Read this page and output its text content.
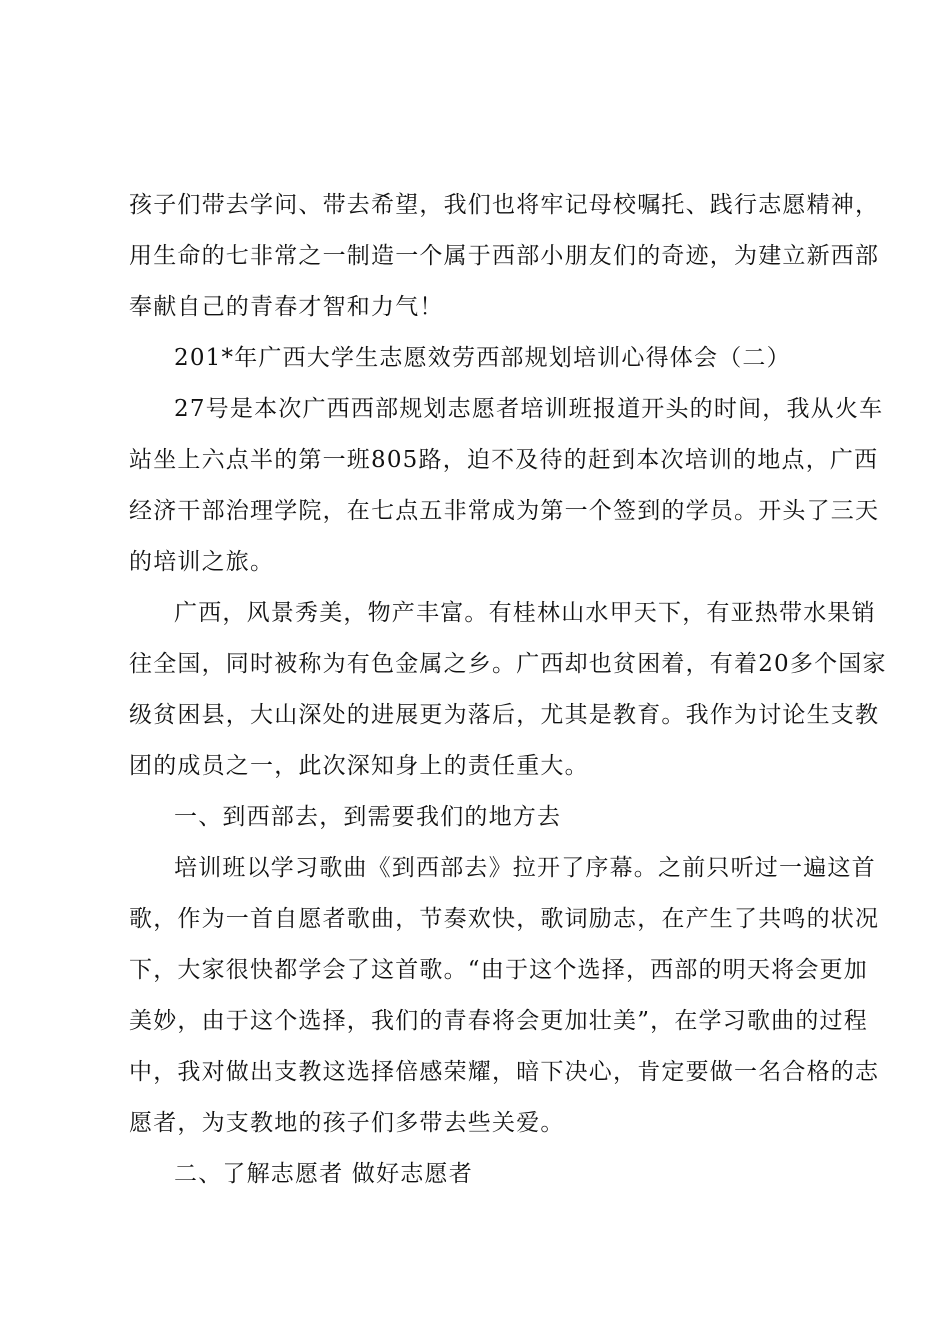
孩子们带去学问、带去希望，我们也将牢记母校嘱托、践行志愿精神，
用生命的七非常之一制造一个属于西部小朋友们的奇迹，为建立新西部
奉献自己的青春才智和力气！
201*年广西大学生志愿效劳西部规划培训心得体会（二）
27号是本次广西西部规划志愿者培训班报道开头的时间，我从火车
站坐上六点半的第一班805路，迫不及待的赶到本次培训的地点，广西
经济干部治理学院，在七点五非常成为第一个签到的学员。开头了三天
的培训之旅。
广西，风景秀美，物产丰富。有桂林山水甲天下，有亚热带水果销
往全国，同时被称为有色金属之乡。广西却也贫困着，有着20多个国家
级贫困县，大山深处的进展更为落后，尤其是教育。我作为讨论生支教
团的成员之一，此次深知身上的责任重大。
一、到西部去，到需要我们的地方去
培训班以学习歌曲《到西部去》拉开了序幕。之前只听过一遍这首
歌，作为一首自愿者歌曲，节奏欢快，歌词励志，在产生了共鸣的状况
下，大家很快都学会了这首歌。“由于这个选择，西部的明天将会更加
美妙，由于这个选择，我们的青春将会更加壮美”，在学习歌曲的过程
中，我对做出支教这选择倍感荣耀，暗下决心，肯定要做一名合格的志
愿者，为支教地的孩子们多带去些关爱。
二、了解志愿者 做好志愿者
